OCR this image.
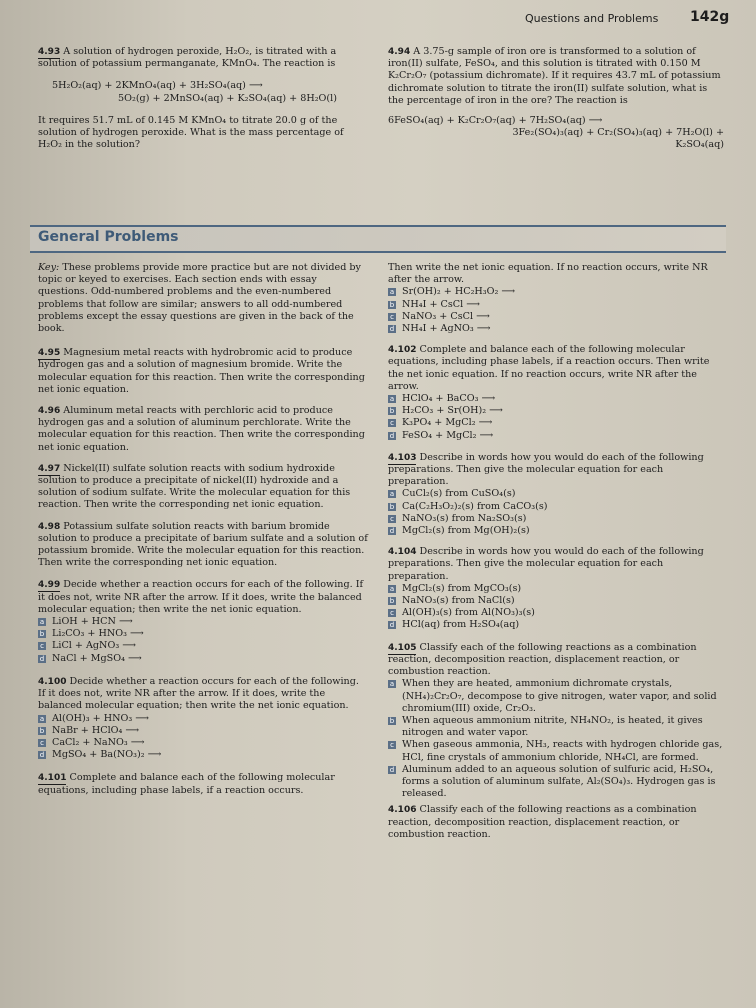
Questions and Problems 142g

4.93 A solution of hydrogen peroxide, H₂O₂, is titrated with a solution of potassium permanganate, KMnO₄. The reaction is

5H₂O₂(aq) + 2KMnO₄(aq) + 3H₂SO₄(aq) ⟶

5O₂(g) + 2MnSO₄(aq) + K₂SO₄(aq) + 8H₂O(l)

It requires 51.7 mL of 0.145 M KMnO₄ to titrate 20.0 g of the solution of hydrogen peroxide. What is the mass percentage of H₂O₂ in the solution?

4.94 A 3.75-g sample of iron ore is transformed to a solution of iron(II) sulfate, FeSO₄, and this solution is titrated with 0.150 M K₂Cr₂O₇ (potassium dichromate). If it requires 43.7 mL of potassium dichromate solution to titrate the iron(II) sulfate solution, what is the percentage of iron in the ore? The reaction is

6FeSO₄(aq) + K₂Cr₂O₇(aq) + 7H₂SO₄(aq) ⟶

3Fe₂(SO₄)₃(aq) + Cr₂(SO₄)₃(aq) + 7H₂O(l) +

K₂SO₄(aq)

General Problems

Key: These problems provide more practice but are not divided by topic or keyed to exercises. Each section ends with essay questions. Odd-numbered problems and the even-numbered problems that follow are similar; answers to all odd-numbered problems except the essay questions are given in the back of the book.

4.95 Magnesium metal reacts with hydrobromic acid to produce hydrogen gas and a solution of magnesium bromide. Write the molecular equation for this reaction. Then write the corresponding net ionic equation.

4.96 Aluminum metal reacts with perchloric acid to produce hydrogen gas and a solution of aluminum perchlorate. Write the molecular equation for this reaction. Then write the corresponding net ionic equation.

4.97 Nickel(II) sulfate solution reacts with sodium hydroxide solution to produce a precipitate of nickel(II) hydroxide and a solution of sodium sulfate. Write the molecular equation for this reaction. Then write the corresponding net ionic equation.

4.98 Potassium sulfate solution reacts with barium bromide solution to produce a precipitate of barium sulfate and a solution of potassium bromide. Write the molecular equation for this reaction. Then write the corresponding net ionic equation.

4.99 Decide whether a reaction occurs for each of the following. If it does not, write NR after the arrow. If it does, write the balanced molecular equation; then write the net ionic equation.

a LiOH + HCN ⟶

b Li₂CO₃ + HNO₃ ⟶

c LiCl + AgNO₃ ⟶

d NaCl + MgSO₄ ⟶

4.100 Decide whether a reaction occurs for each of the following. If it does not, write NR after the arrow. If it does, write the balanced molecular equation; then write the net ionic equation.

a Al(OH)₃ + HNO₃ ⟶

b NaBr + HClO₄ ⟶

c CaCl₂ + NaNO₃ ⟶

d MgSO₄ + Ba(NO₃)₂ ⟶

4.101 Complete and balance each of the following molecular equations, including phase labels, if a reaction occurs.

Then write the net ionic equation. If no reaction occurs, write NR after the arrow.

a Sr(OH)₂ + HC₂H₃O₂ ⟶

b NH₄I + CsCl ⟶

c NaNO₃ + CsCl ⟶

d NH₄I + AgNO₃ ⟶

4.102 Complete and balance each of the following molecular equations, including phase labels, if a reaction occurs. Then write the net ionic equation. If no reaction occurs, write NR after the arrow.

a HClO₄ + BaCO₃ ⟶

b H₂CO₃ + Sr(OH)₂ ⟶

c K₃PO₄ + MgCl₂ ⟶

d FeSO₄ + MgCl₂ ⟶

4.103 Describe in words how you would do each of the following preparations. Then give the molecular equation for each preparation.

a CuCl₂(s) from CuSO₄(s)

b Ca(C₂H₃O₂)₂(s) from CaCO₃(s)

c NaNO₃(s) from Na₂SO₃(s)

d MgCl₂(s) from Mg(OH)₂(s)

4.104 Describe in words how you would do each of the following preparations. Then give the molecular equation for each preparation.

a MgCl₂(s) from MgCO₃(s)

b NaNO₃(s) from NaCl(s)

c Al(OH)₃(s) from Al(NO₃)₃(s)

d HCl(aq) from H₂SO₄(aq)

4.105 Classify each of the following reactions as a combination reaction, decomposition reaction, displacement reaction, or combustion reaction.

a When they are heated, ammonium dichromate crystals, (NH₄)₂Cr₂O₇, decompose to give nitrogen, water vapor, and solid chromium(III) oxide, Cr₂O₃.

b When aqueous ammonium nitrite, NH₄NO₂, is heated, it gives nitrogen and water vapor.

c When gaseous ammonia, NH₃, reacts with hydrogen chloride gas, HCl, fine crystals of ammonium chloride, NH₄Cl, are formed.

d Aluminum added to an aqueous solution of sulfuric acid, H₂SO₄, forms a solution of aluminum sulfate, Al₂(SO₄)₃. Hydrogen gas is released.

4.106 Classify each of the following reactions as a combination reaction, decomposition reaction, displacement reaction, or combustion reaction.
